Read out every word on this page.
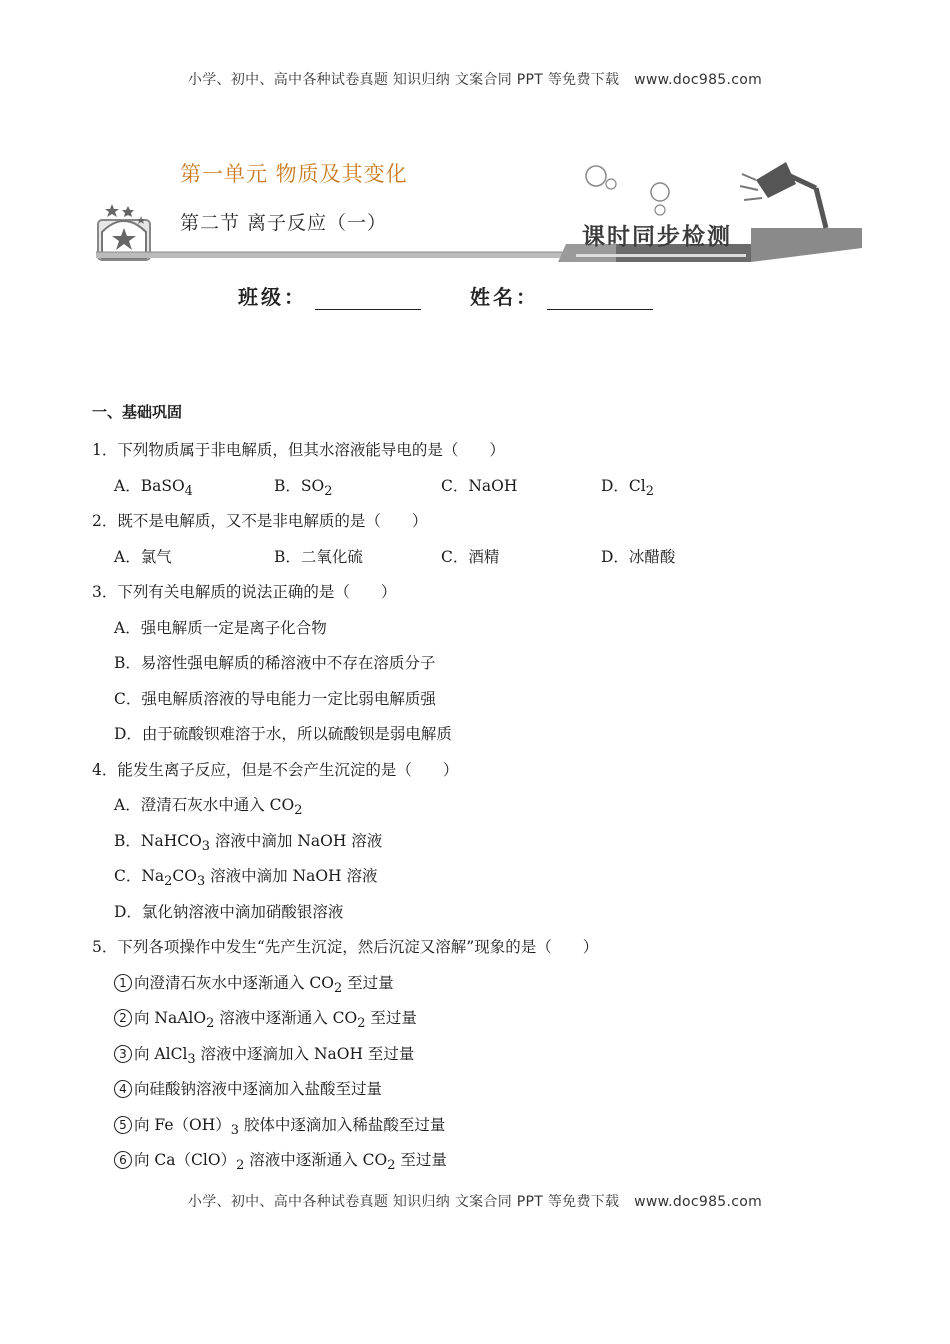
小学、初中、高中各种试卷真题 知识归纳 文案合同 PPT 等免费下载 www.doc985.com
第一单元 物质及其变化
第二节 离子反应（一）
课时同步检测
班级：	姓名：
一、基础巩固
1．下列物质属于非电解质，但其水溶液能导电的是（　　）
A．BaSO$_4$	B．$SO_2$	C．NaOH	D．$Cl_2$
2．既不是电解质，又不是非电解质的是（　　）
A．氯气	B．二氧化硫	C．酒精	D．冰醋酸
3．下列有关电解质的说法正确的是（　　）
A．强电解质一定是离子化合物
B．易溶性强电解质的稀溶液中不存在溶质分子
C．强电解质溶液的导电能力一定比弱电解质强
D．由于硫酸钡难溶于水，所以硫酸钡是弱电解质
4．能发生离子反应，但是不会产生沉淀的是（　　）
A．澄清石灰水中通入 $CO_2$
B．NaHCO$_3$ 溶液中滴加 NaOH 溶液
C．$Na_2CO_3$ 溶液中滴加 NaOH 溶液
D．氯化钠溶液中滴加硝酸银溶液
5．下列各项操作中发生“先产生沉淀，然后沉淀又溶解”现象的是（　　）
1 向澄清石灰水中逐渐通入 $CO_2$ 至过量
2 向 NaAlO$_2$ 溶液中逐渐通入 $CO_2$ 至过量
3 向 AlCl$_3$ 溶液中逐滴加入 NaOH 至过量
4 向硅酸钠溶液中逐滴加入盐酸至过量
5 向 $Fe(OH)_3$ 胶体中逐滴加入稀盐酸至过量
6 向 $Ca(ClO)_2$ 溶液中逐渐通入 $CO_2$ 至过量
小学、初中、高中各种试卷真题 知识归纳 文案合同 PPT 等免费下载 www.doc985.com
